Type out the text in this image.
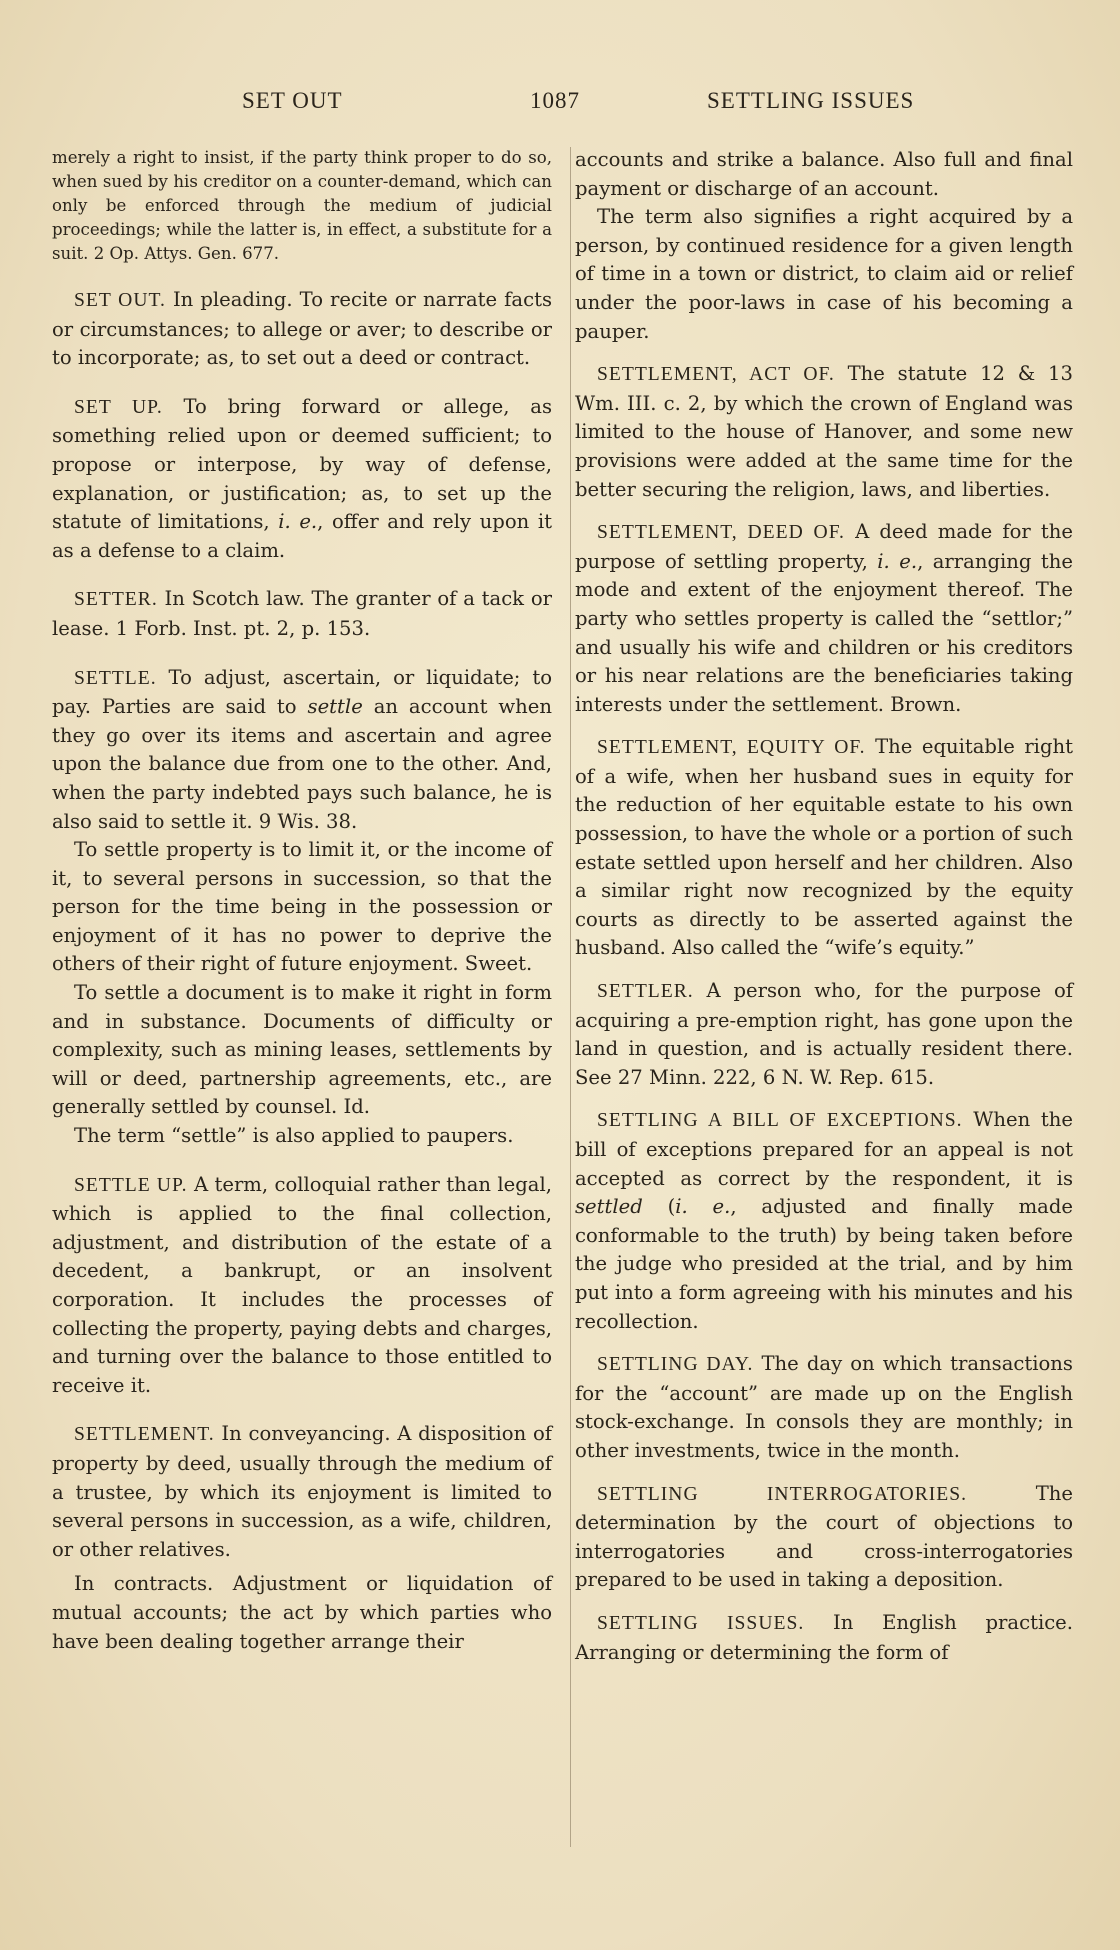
SET OUT	1087	SETTLING ISSUES

merely a right to insist, if the party think proper to do so, when sued by his creditor on a counter-demand, which can only be enforced through the medium of judicial proceedings; while the latter is, in effect, a substitute for a suit. 2 Op. Attys. Gen. 677.

SET OUT. In pleading. To recite or narrate facts or circumstances; to allege or aver; to describe or to incorporate; as, to set out a deed or contract.

SET UP. To bring forward or allege, as something relied upon or deemed sufficient; to propose or interpose, by way of defense, explanation, or justification; as, to set up the statute of limitations, i. e., offer and rely upon it as a defense to a claim.

SETTER. In Scotch law. The granter of a tack or lease. 1 Forb. Inst. pt. 2, p. 153.

SETTLE. To adjust, ascertain, or liquidate; to pay. Parties are said to settle an account when they go over its items and ascertain and agree upon the balance due from one to the other. And, when the party indebted pays such balance, he is also said to settle it. 9 Wis. 38.

To settle property is to limit it, or the income of it, to several persons in succession, so that the person for the time being in the possession or enjoyment of it has no power to deprive the others of their right of future enjoyment. Sweet.

To settle a document is to make it right in form and in substance. Documents of difficulty or complexity, such as mining leases, settlements by will or deed, partnership agreements, etc., are generally settled by counsel. Id.

The term “settle” is also applied to paupers.

SETTLE UP. A term, colloquial rather than legal, which is applied to the final collection, adjustment, and distribution of the estate of a decedent, a bankrupt, or an insolvent corporation. It includes the processes of collecting the property, paying debts and charges, and turning over the balance to those entitled to receive it.

SETTLEMENT. In conveyancing. A disposition of property by deed, usually through the medium of a trustee, by which its enjoyment is limited to several persons in succession, as a wife, children, or other relatives.

In contracts. Adjustment or liquidation of mutual accounts; the act by which parties who have been dealing together arrange their

accounts and strike a balance. Also full and final payment or discharge of an account.

The term also signifies a right acquired by a person, by continued residence for a given length of time in a town or district, to claim aid or relief under the poor-laws in case of his becoming a pauper.

SETTLEMENT, ACT OF. The statute 12 & 13 Wm. III. c. 2, by which the crown of England was limited to the house of Hanover, and some new provisions were added at the same time for the better securing the religion, laws, and liberties.

SETTLEMENT, DEED OF. A deed made for the purpose of settling property, i. e., arranging the mode and extent of the enjoyment thereof. The party who settles property is called the “settlor;” and usually his wife and children or his creditors or his near relations are the beneficiaries taking interests under the settlement. Brown.

SETTLEMENT, EQUITY OF. The equitable right of a wife, when her husband sues in equity for the reduction of her equitable estate to his own possession, to have the whole or a portion of such estate settled upon herself and her children. Also a similar right now recognized by the equity courts as directly to be asserted against the husband. Also called the “wife’s equity.”

SETTLER. A person who, for the purpose of acquiring a pre-emption right, has gone upon the land in question, and is actually resident there. See 27 Minn. 222, 6 N. W. Rep. 615.

SETTLING A BILL OF EXCEPTIONS. When the bill of exceptions prepared for an appeal is not accepted as correct by the respondent, it is settled (i. e., adjusted and finally made conformable to the truth) by being taken before the judge who presided at the trial, and by him put into a form agreeing with his minutes and his recollection.

SETTLING DAY. The day on which transactions for the “account” are made up on the English stock-exchange. In consols they are monthly; in other investments, twice in the month.

SETTLING INTERROGATORIES. The determination by the court of objections to interrogatories and cross-interrogatories prepared to be used in taking a deposition.

SETTLING ISSUES. In English practice. Arranging or determining the form of
